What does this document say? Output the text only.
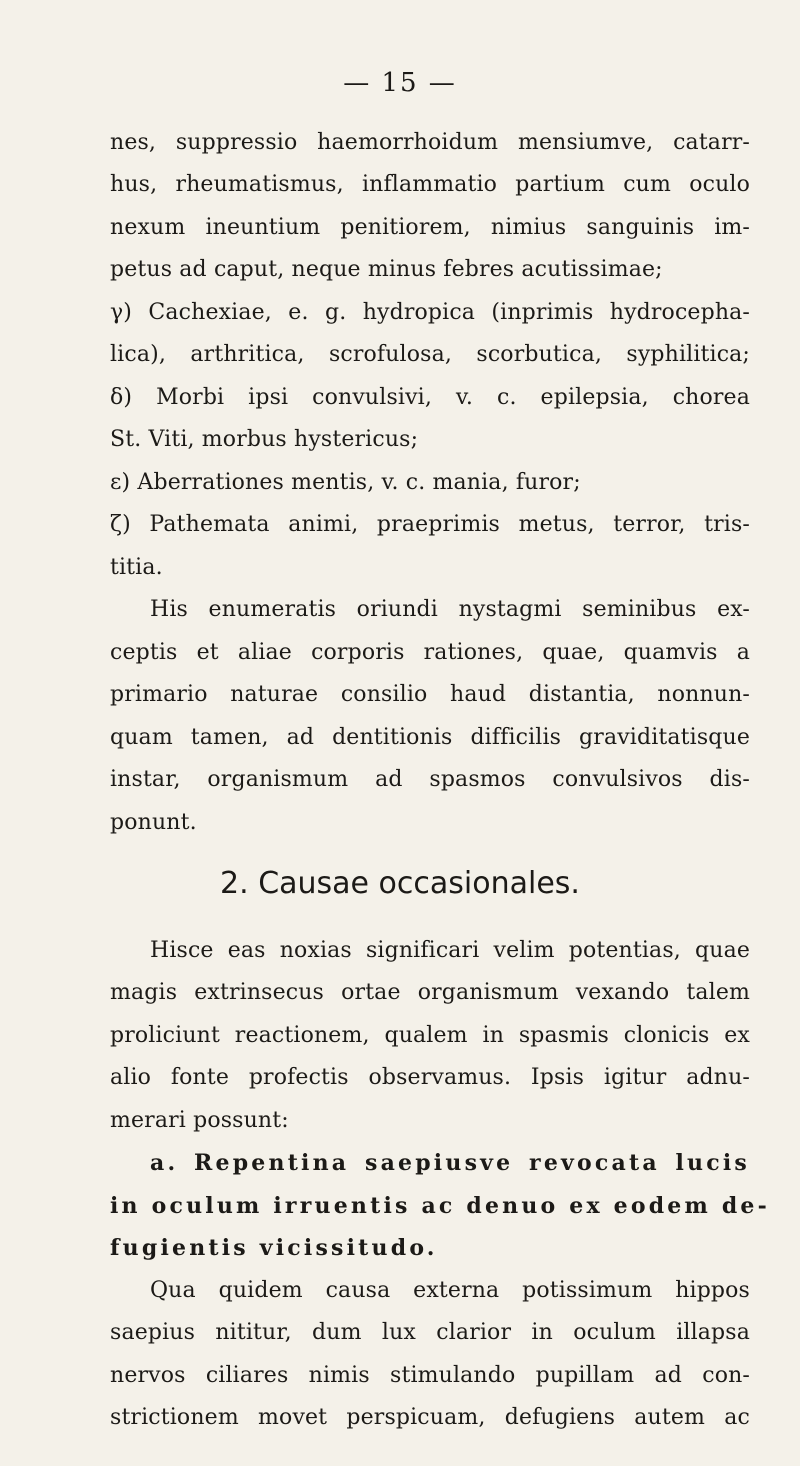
— 15 —
nes, suppressio haemorrhoidum mensiumve, catarr-
hus, rheumatismus, inflammatio partium cum oculo
nexum ineuntium penitiorem, nimius sanguinis im-
petus ad caput, neque minus febres acutissimae;
γ) Cachexiae, e. g. hydropica (inprimis hydrocepha-
lica), arthritica, scrofulosa, scorbutica, syphilitica;
δ) Morbi ipsi convulsivi, v. c. epilepsia, chorea
St. Viti, morbus hystericus;
ε) Aberrationes mentis, v. c. mania, furor;
ζ) Pathemata animi, praeprimis metus, terror, tris-
titia.
His enumeratis oriundi nystagmi seminibus ex-
ceptis et aliae corporis rationes, quae, quamvis a
primario naturae consilio haud distantia, nonnun-
quam tamen, ad dentitionis difficilis graviditatisque
instar, organismum ad spasmos convulsivos dis-
ponunt.
2. Causae occasionales.
Hisce eas noxias significari velim potentias, quae
magis extrinsecus ortae organismum vexando talem
proliciunt reactionem, qualem in spasmis clonicis ex
alio fonte profectis observamus. Ipsis igitur adnu-
merari possunt:
a. Repentina saepiusve revocata lucis
in oculum irruentis ac denuo ex eodem de-
fugientis vicissitudo.
Qua quidem causa externa potissimum hippos
saepius nititur, dum lux clarior in oculum illapsa
nervos ciliares nimis stimulando pupillam ad con-
strictionem movet perspicuam, defugiens autem ac
